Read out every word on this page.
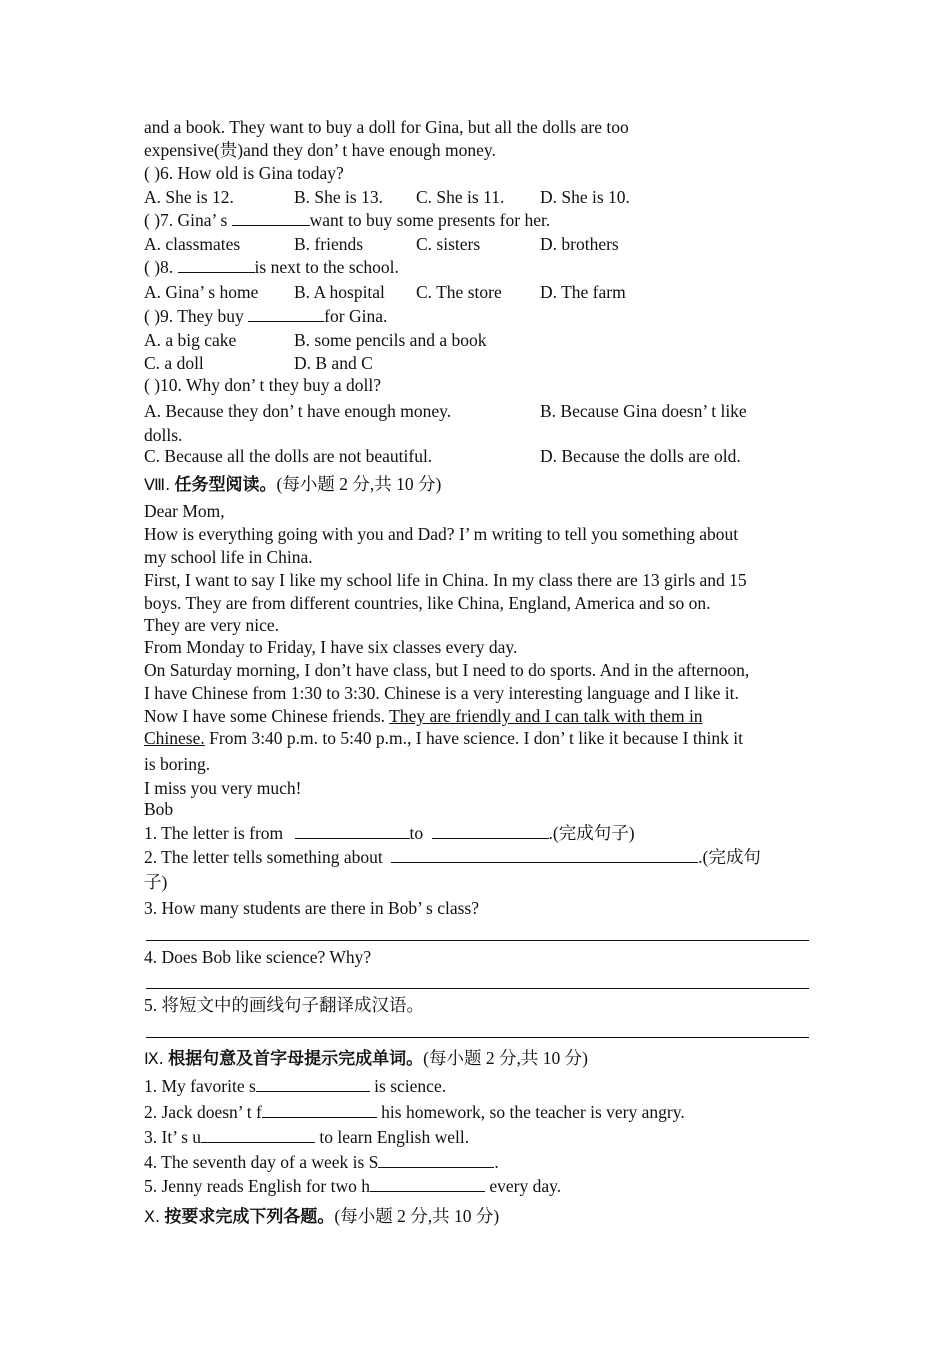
and a book. They want to buy a doll for Gina, but all the dolls are too
expensive(贵)and they don’ t have enough money.
( )6. How old is Gina today?
A. She is 12.	B. She is 13. C. She is 11. D. She is 10.
( )7. Gina’ s	want to buy some presents for her.
A. classmates	B. friends	C. sisters	D. brothers
( )8.	is next to the school.
A. Gina’ s home B. A hospital C. The store D. The farm
( )9. They buy	for Gina.
A. a big cake	B. some pencils and a book
C. a doll	D. B and C
( )10. Why don’ t they buy a doll?
A. Because they don’ t have enough money.	B. Because Gina doesn’ t like
dolls.
C. Because all the dolls are not beautiful.	D. Because the dolls are old.
Ⅷ. 任务型阅读。(每小题 2 分,共 10 分)
Dear Mom,
How is everything going with you and Dad? I’ m writing to tell you something about
my school life in China.
First, I want to say I like my school life in China. In my class there are 13 girls and 15
boys. They are from different countries, like China, England, America and so on.
They are very nice.
From Monday to Friday, I have six classes every day.
On Saturday morning, I don’t have class, but I need to do sports. And in the afternoon,
I have Chinese from 1:30 to 3:30. Chinese is a very interesting language and I like it.
Now I have some Chinese friends. They are friendly and I can talk with them in
Chinese. From 3:40 p.m. to 5:40 p.m., I have science. I don’ t like it because I think it
is boring.
I miss you very much!
Bob
1. The letter is from	to	.(完成句子)
2. The letter tells something about	.(完成句
子)
3. How many students are there in Bob’ s class?
4. Does Bob like science? Why?
5. 将短文中的画线句子翻译成汉语。
Ⅸ. 根据句意及首字母提示完成单词。(每小题 2 分,共 10 分)
1. My favorite s	is science.
2. Jack doesn’ t f	his homework, so the teacher is very angry.
3. It’ s u	to learn English well.
4. The seventh day of a week is S	.
5. Jenny reads English for two h	every day.
Ⅹ. 按要求完成下列各题。(每小题 2 分,共 10 分)
